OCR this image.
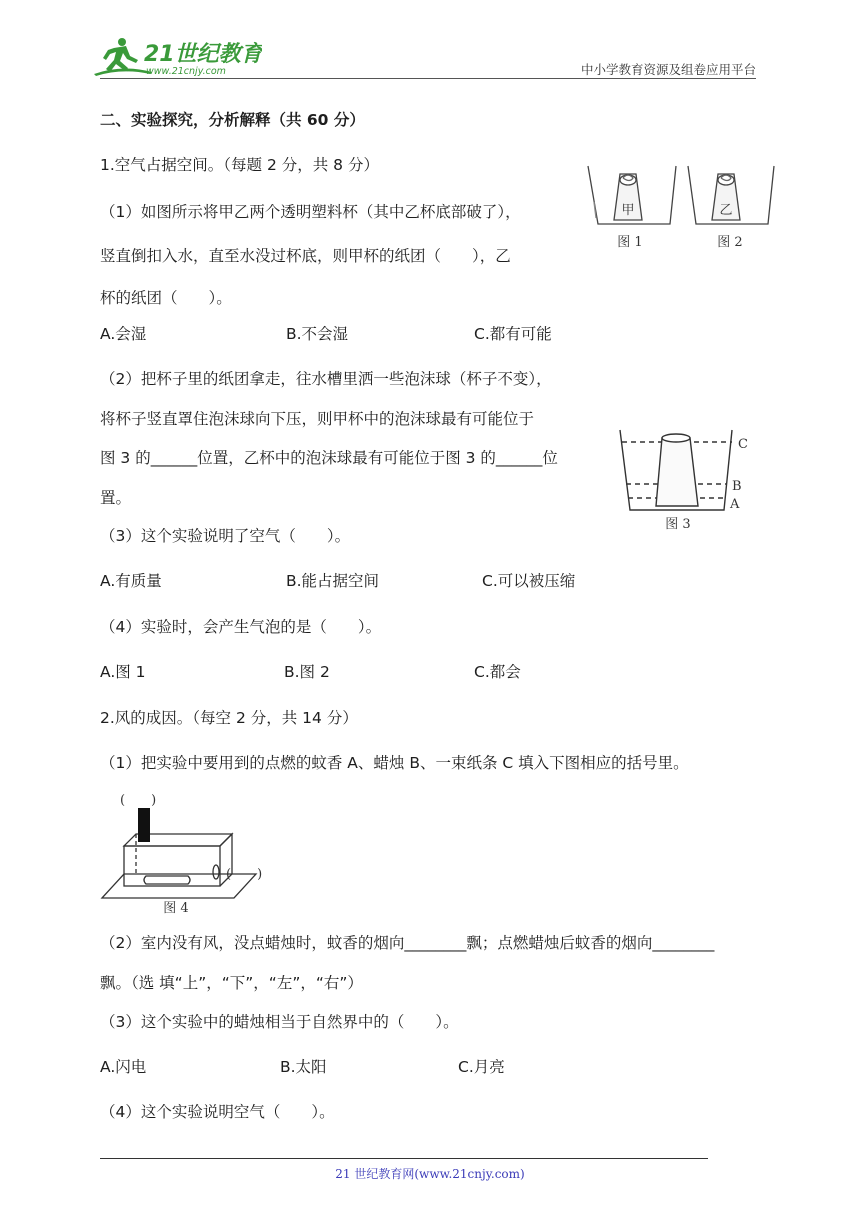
21世纪教育
www.21cnjy.com	中小学教育资源及组卷应用平台
二、实验探究，分析解释（共 60 分）
1.空气占据空间。（每题 2 分，共 8 分）
（1）如图所示将甲乙两个透明塑料杯（其中乙杯底部破了），
竖直倒扣入水，直至水没过杯底，则甲杯的纸团（　　），乙
杯的纸团（　　）。
A.会湿	B.不会湿	C.都有可能
（2）把杯子里的纸团拿走，往水槽里洒一些泡沫球（杯子不变），
将杯子竖直罩住泡沫球向下压，则甲杯中的泡沫球最有可能位于
图 3 的______位置，乙杯中的泡沫球最有可能位于图 3 的______位
置。
（3）这个实验说明了空气（　　）。
A.有质量	B.能占据空间	C.可以被压缩
（4）实验时，会产生气泡的是（　　）。
A.图 1	B.图 2	C.都会
甲
图 1
乙
图 2
C
B
A
图 3
2.风的成因。（每空 2 分，共 14 分）
（1）把实验中要用到的点燃的蚊香 A、蜡烛 B、一束纸条 C 填入下图相应的括号里。
(　　)
(　　)
图 4
（2）室内没有风，没点蜡烛时，蚊香的烟向________飘；点燃蜡烛后蚊香的烟向________
飘。（选 填“上”，“下”，“左”，“右”）
（3）这个实验中的蜡烛相当于自然界中的（　　）。
A.闪电	B.太阳	C.月亮
（4）这个实验说明空气（　　）。
21 世纪教育网(www.21cnjy.com)
